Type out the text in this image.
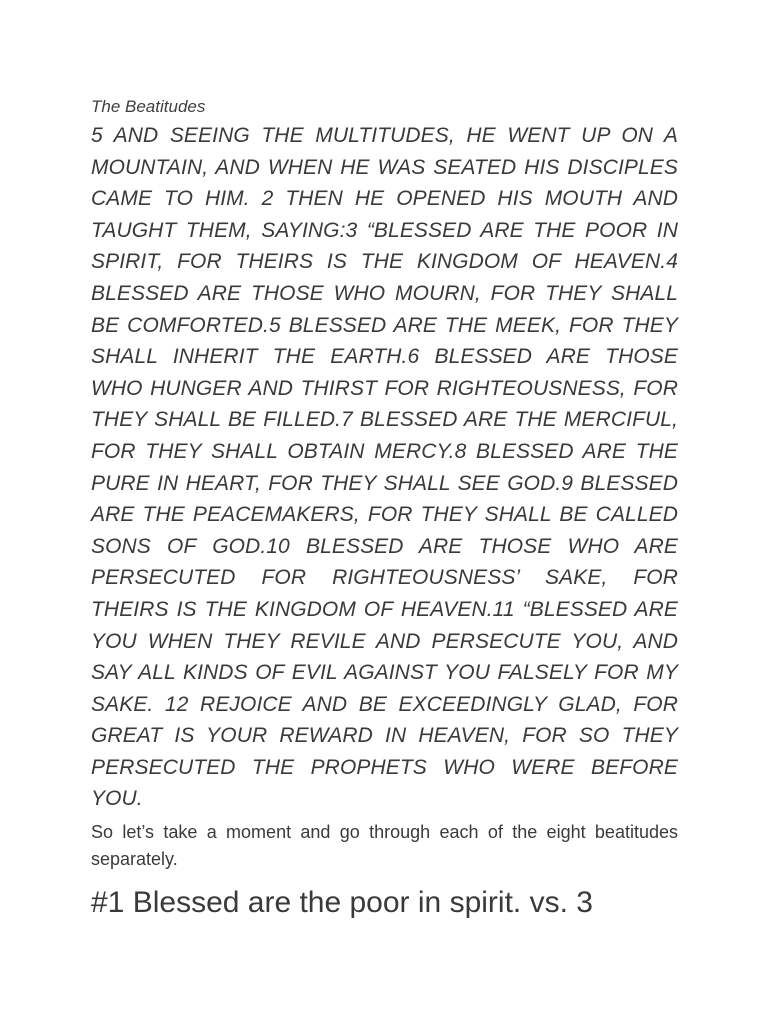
The Beatitudes

5 AND SEEING THE MULTITUDES, HE WENT UP ON A MOUNTAIN, AND WHEN HE WAS SEATED HIS DISCIPLES CAME TO HIM. 2 THEN HE OPENED HIS MOUTH AND TAUGHT THEM, SAYING:3 “BLESSED ARE THE POOR IN SPIRIT, FOR THEIRS IS THE KINGDOM OF HEAVEN.4 BLESSED ARE THOSE WHO MOURN, FOR THEY SHALL BE COMFORTED.5 BLESSED ARE THE MEEK, FOR THEY SHALL INHERIT THE EARTH.6 BLESSED ARE THOSE WHO HUNGER AND THIRST FOR RIGHTEOUSNESS, FOR THEY SHALL BE FILLED.7 BLESSED ARE THE MERCIFUL, FOR THEY SHALL OBTAIN MERCY.8 BLESSED ARE THE PURE IN HEART, FOR THEY SHALL SEE GOD.9 BLESSED ARE THE PEACEMAKERS, FOR THEY SHALL BE CALLED SONS OF GOD.10 BLESSED ARE THOSE WHO ARE PERSECUTED FOR RIGHTEOUSNESS’ SAKE, FOR THEIRS IS THE KINGDOM OF HEAVEN.11 “BLESSED ARE YOU WHEN THEY REVILE AND PERSECUTE YOU, AND SAY ALL KINDS OF EVIL AGAINST YOU FALSELY FOR MY SAKE. 12 REJOICE AND BE EXCEEDINGLY GLAD, FOR GREAT IS YOUR REWARD IN HEAVEN, FOR SO THEY PERSECUTED THE PROPHETS WHO WERE BEFORE YOU.

So let’s take a moment and go through each of the eight beatitudes separately.

#1 Blessed are the poor in spirit. vs. 3
